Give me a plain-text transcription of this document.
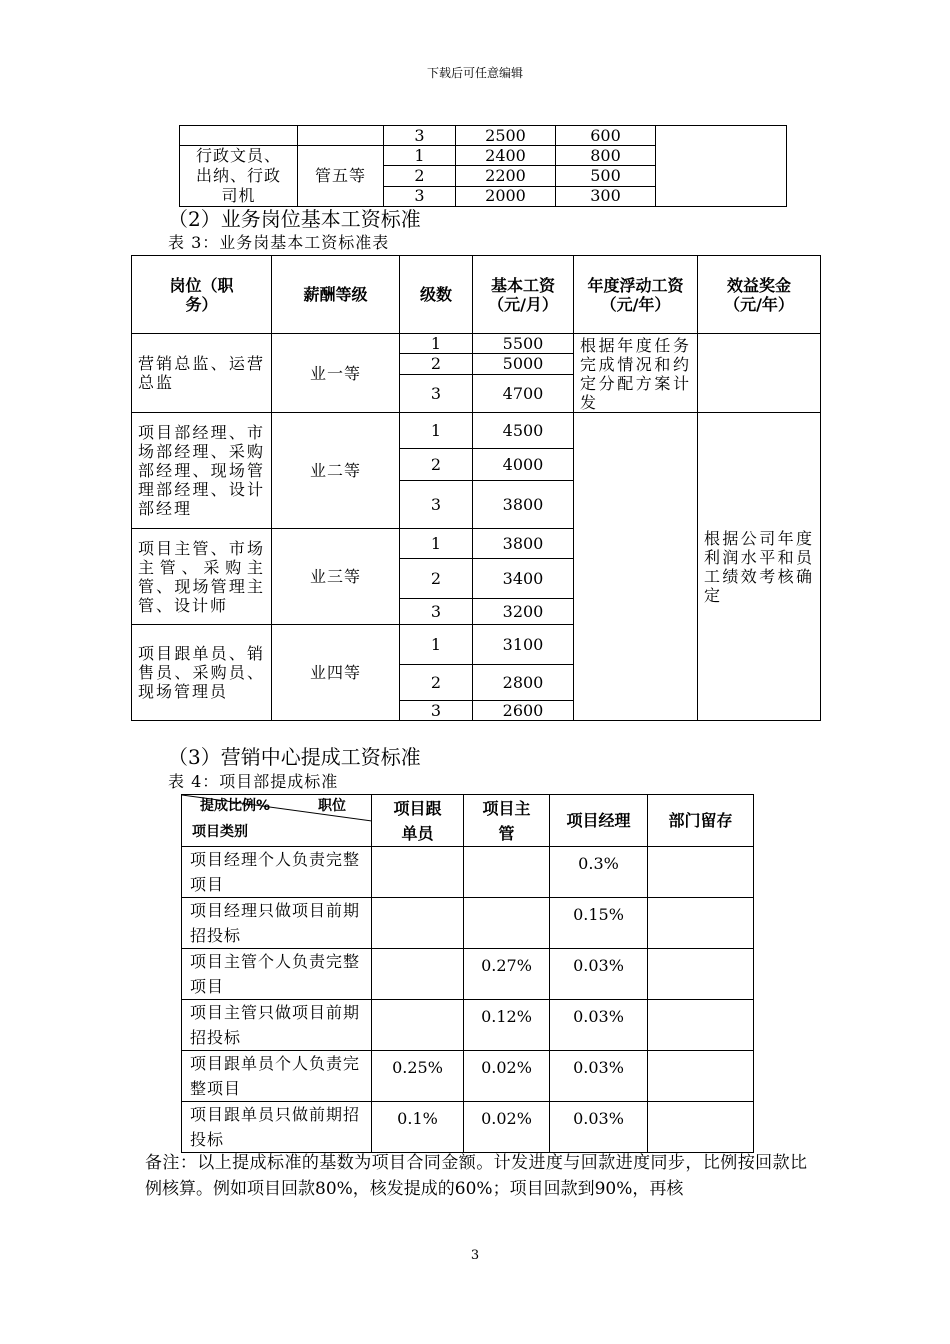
下载后可任意编辑
		3	2500	600	
行政文员、出纳、行政司机	管五等	1	2400	800	
		2	2200	500	
		3	2000	300	
（2）业务岗位基本工资标准
表 3：业务岗基本工资标准表
岗位（职务）	薪酬等级	级数	基本工资（元/月）	年度浮动工资（元/年）	效益奖金（元/年）
营销总监、运营总监	业一等	1	5500	根据年度任务完成情况和约定分配方案计发	
		2	5000		
		3	4700		
项目部经理、市场部经理、采购部经理、现场管理部经理、设计部经理	业二等	1	4500		根据公司年度利润水平和员工绩效考核确定
		2	4000		
		3	3800		
项目主管、市场主管、采购主管、现场管理主管、设计师	业三等	1	3800		
		2	3400		
		3	3200		
项目跟单员、销售员、采购员、现场管理员	业四等	1	3100		
		2	2800		
		3	2600		
（3）营销中心提成工资标准
表 4：项目部提成标准
提成比例% 职位
项目类别	项目跟单员	项目主管	项目经理	部门留存
项目经理个人负责完整项目			0.3%	
项目经理只做项目前期招投标			0.15%	
项目主管个人负责完整项目		0.27%	0.03%	
项目主管只做项目前期招投标		0.12%	0.03%	
项目跟单员个人负责完整项目	0.25%	0.02%	0.03%	
项目跟单员只做前期招投标	0.1%	0.02%	0.03%	
备注：以上提成标准的基数为项目合同金额。计发进度与回款进度同步，比例按回款比例核算。例如项目回款80%，核发提成的60%；项目回款到90%，再核
3
